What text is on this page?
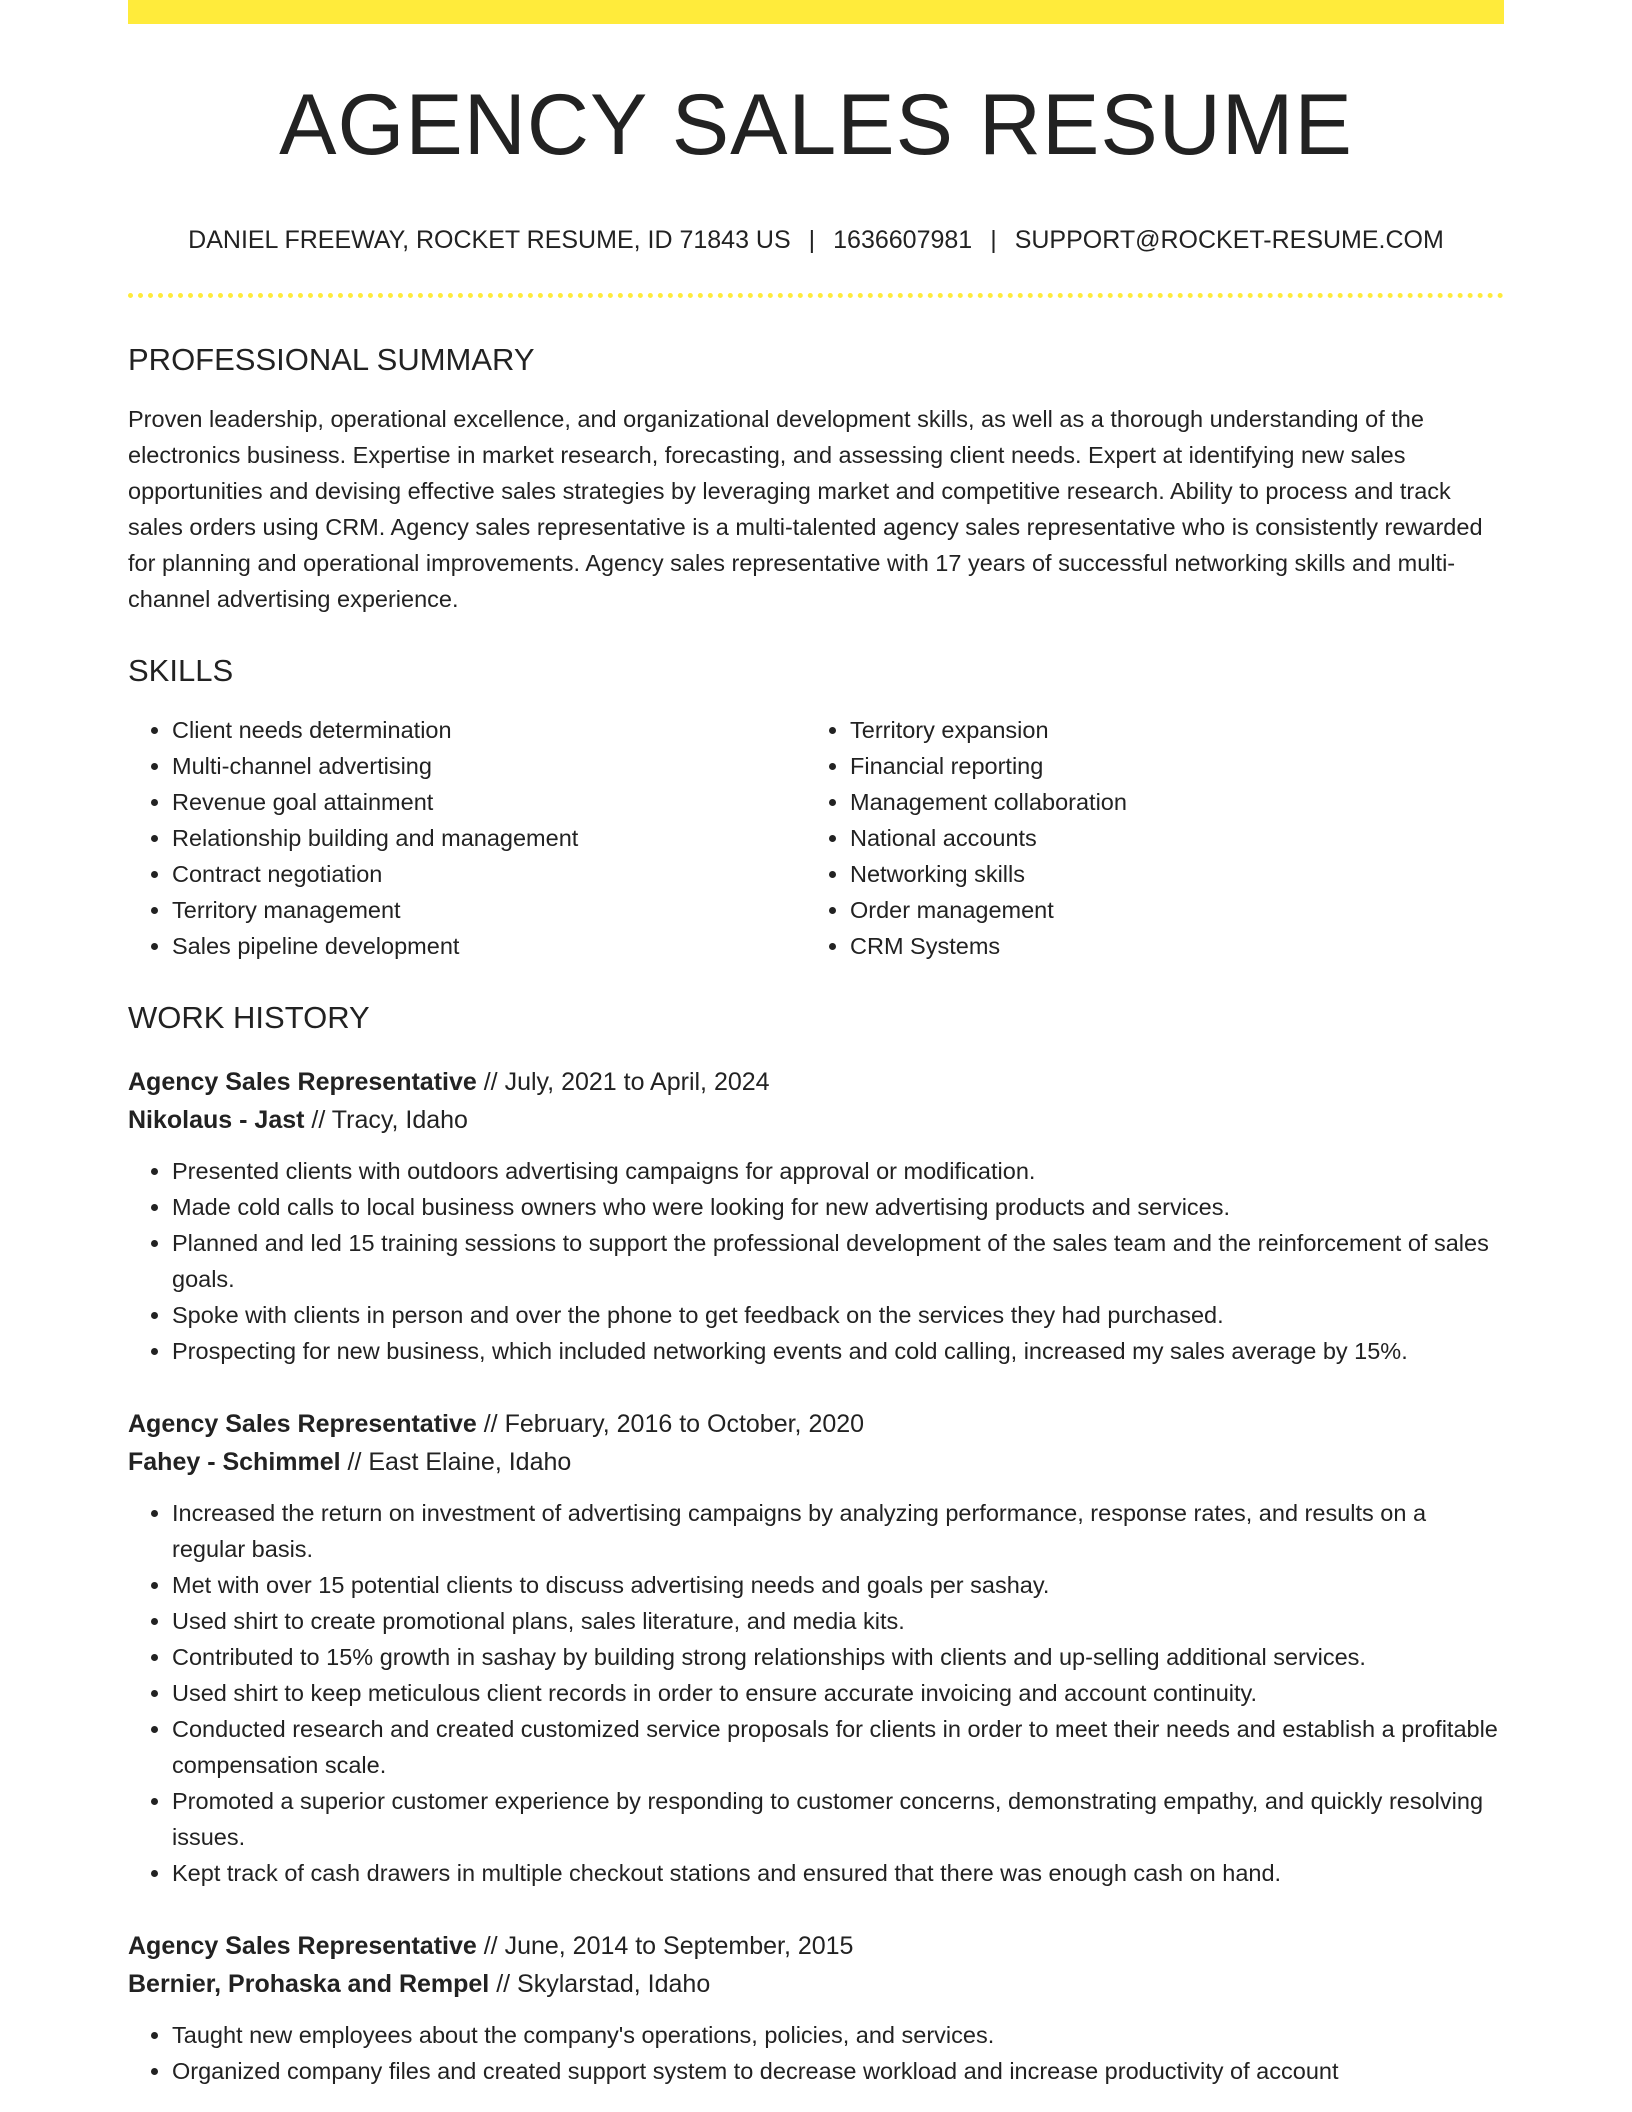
AGENCY SALES RESUME
DANIEL FREEWAY, ROCKET RESUME, ID 71843 US | 1636607981 | SUPPORT@ROCKET-RESUME.COM
PROFESSIONAL SUMMARY

Proven leadership, operational excellence, and organizational development skills, as well as a thorough understanding of the electronics business. Expertise in market research, forecasting, and assessing client needs. Expert at identifying new sales opportunities and devising effective sales strategies by leveraging market and competitive research. Ability to process and track sales orders using CRM. Agency sales representative is a multi-talented agency sales representative who is consistently rewarded for planning and operational improvements. Agency sales representative with 17 years of successful networking skills and multi-channel advertising experience.

SKILLS
• Client needs determination
• Multi-channel advertising
• Revenue goal attainment
• Relationship building and management
• Contract negotiation
• Territory management
• Sales pipeline development
• Territory expansion
• Financial reporting
• Management collaboration
• National accounts
• Networking skills
• Order management
• CRM Systems
WORK HISTORY
Agency Sales Representative // July, 2021 to April, 2024
Nikolaus - Jast // Tracy, Idaho
• Presented clients with outdoors advertising campaigns for approval or modification.
• Made cold calls to local business owners who were looking for new advertising products and services.
• Planned and led 15 training sessions to support the professional development of the sales team and the reinforcement of sales goals.
• Spoke with clients in person and over the phone to get feedback on the services they had purchased.
• Prospecting for new business, which included networking events and cold calling, increased my sales average by 15%.
Agency Sales Representative // February, 2016 to October, 2020
Fahey - Schimmel // East Elaine, Idaho
• Increased the return on investment of advertising campaigns by analyzing performance, response rates, and results on a regular basis.
• Met with over 15 potential clients to discuss advertising needs and goals per sashay.
• Used shirt to create promotional plans, sales literature, and media kits.
• Contributed to 15% growth in sashay by building strong relationships with clients and up-selling additional services.
• Used shirt to keep meticulous client records in order to ensure accurate invoicing and account continuity.
• Conducted research and created customized service proposals for clients in order to meet their needs and establish a profitable compensation scale.
• Promoted a superior customer experience by responding to customer concerns, demonstrating empathy, and quickly resolving issues.
• Kept track of cash drawers in multiple checkout stations and ensured that there was enough cash on hand.
Agency Sales Representative // June, 2014 to September, 2015
Bernier, Prohaska and Rempel // Skylarstad, Idaho
• Taught new employees about the company's operations, policies, and services.
• Organized company files and created support system to decrease workload and increase productivity of account
